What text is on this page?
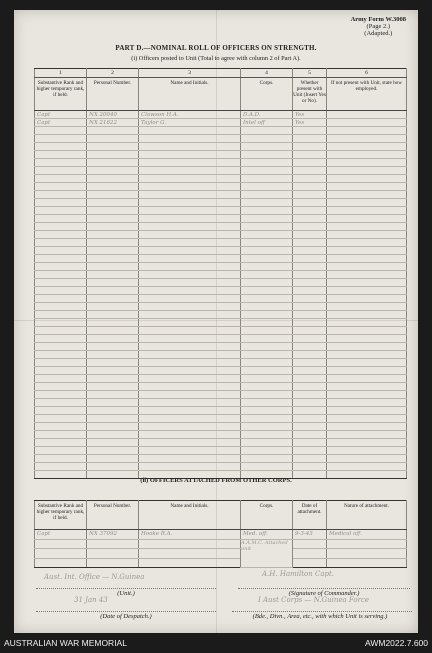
Army Form W.3008
(Page 2.)
(Adapted.)
PART D.—NOMINAL ROLL OF OFFICERS ON STRENGTH.
(i) Officers posted to Unit (Total to agree with column 2 of Part A).
1	2	3	4	5	6
Substantive Rank and higher temporary rank, if held.	Personal Number.	Name and Initials.	Corps.	Whether present with Unit (Insert Yes or No).	If not present with Unit, state how employed.
Capt	NX 20040	Clawson H.A.	D.A.D.	Yes	
Capt	NX 21622	Taylor G.	Intel off	Yes	

(ii) OFFICERS ATTACHED FROM OTHER CORPS.
Substantive Rank and higher temporary rank, if held.	Personal Number.	Name and Initials.	Corps.	Date of attachment.	Nature of attachment.
Capt	NX 37092	Hooke R.A.	Med. off.	9-3-43	Medical off.

			A.A.M.C. Attached unit		

Aust. Int. Office — N.Guinea
(Unit.)
A.H. Hamilton Capt.
(Signature of Commander.)
31 Jan 43
(Date of Despatch.)
I Aust Corps — N.Guinea Force
(Bde., Divn., Area, etc., with which Unit is serving.)
AUSTRALIAN WAR MEMORIAL	AWM2022.7.600
